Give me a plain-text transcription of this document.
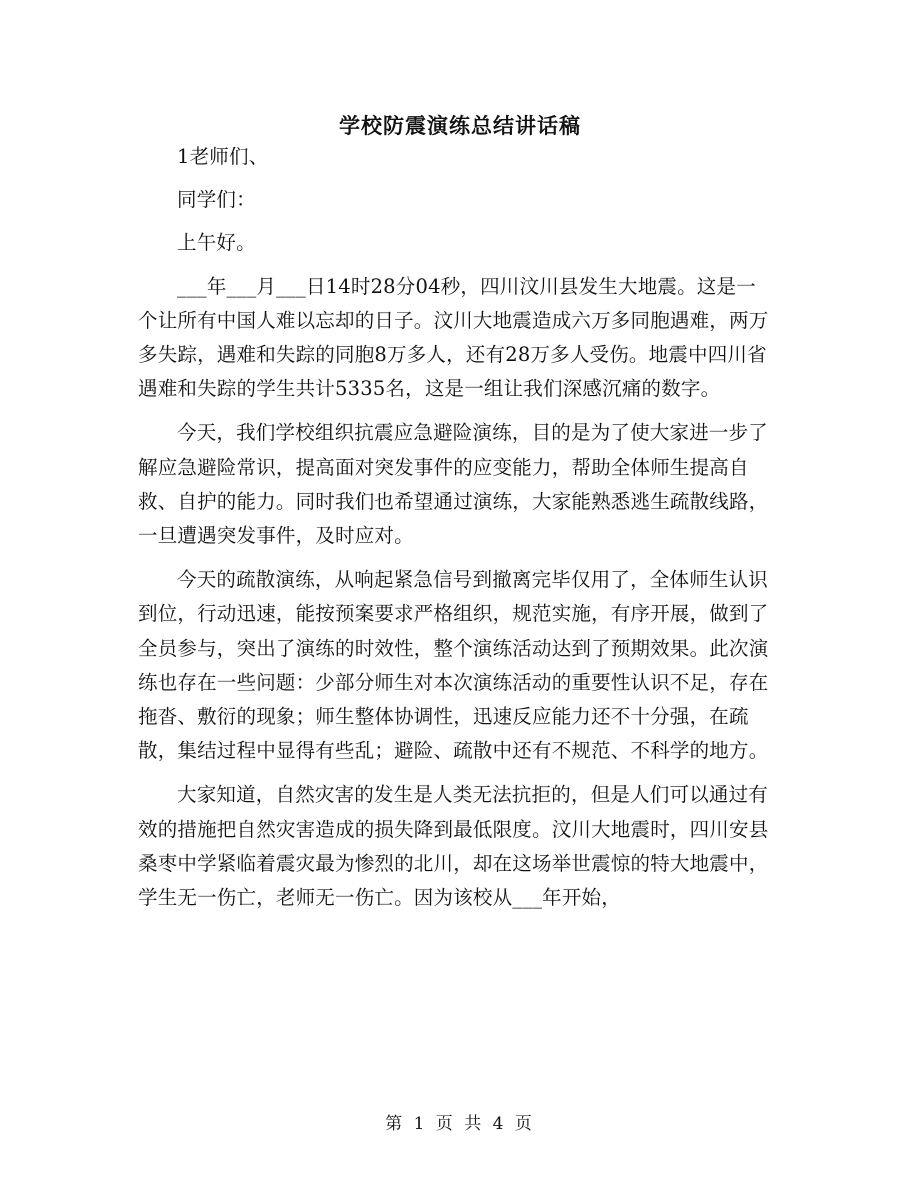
学校防震演练总结讲话稿

1老师们、

同学们：

上午好。

___年___月___日14时28分04秒，四川汶川县发生大地震。这是一个让所有中国人难以忘却的日子。汶川大地震造成六万多同胞遇难，两万多失踪，遇难和失踪的同胞8万多人，还有28万多人受伤。地震中四川省遇难和失踪的学生共计5335名，这是一组让我们深感沉痛的数字。

今天，我们学校组织抗震应急避险演练，目的是为了使大家进一步了解应急避险常识，提高面对突发事件的应变能力，帮助全体师生提高自救、自护的能力。同时我们也希望通过演练，大家能熟悉逃生疏散线路，一旦遭遇突发事件，及时应对。

今天的疏散演练，从响起紧急信号到撤离完毕仅用了，全体师生认识到位，行动迅速，能按预案要求严格组织，规范实施，有序开展，做到了全员参与，突出了演练的时效性，整个演练活动达到了预期效果。此次演练也存在一些问题：少部分师生对本次演练活动的重要性认识不足，存在拖沓、敷衍的现象；师生整体协调性，迅速反应能力还不十分强，在疏散，集结过程中显得有些乱；避险、疏散中还有不规范、不科学的地方。

大家知道，自然灾害的发生是人类无法抗拒的，但是人们可以通过有效的措施把自然灾害造成的损失降到最低限度。汶川大地震时，四川安县桑枣中学紧临着震灾最为惨烈的北川，却在这场举世震惊的特大地震中，学生无一伤亡，老师无一伤亡。因为该校从___年开始，

第 1 页 共 4 页
